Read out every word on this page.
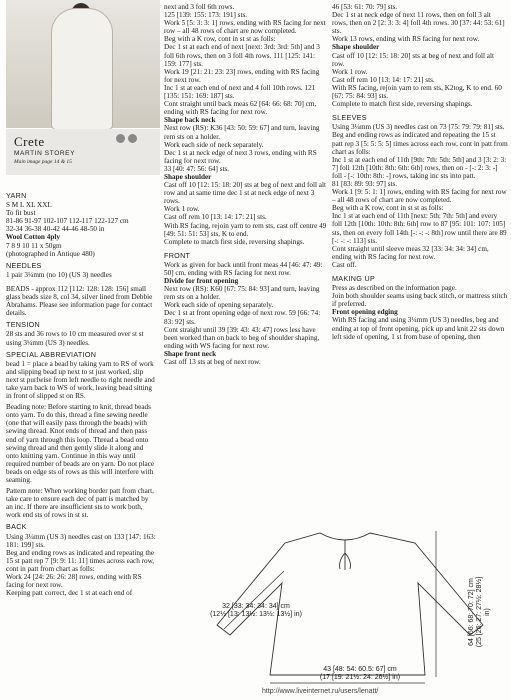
Crete
MARTIN STOREY
Main image page 14 & 15
YARN

S M L XL XXL

To fit bust

81-86 91-97 102-107 112-117 122-127 cm

32-34 36-38 40-42 44-46 48-50 in

Wool Cotton 4ply

7 8 9 10 11 x 50gm

(photographed in Antique 480)

NEEDLES

1 pair 3¼mm (no 10) (US 3) needles

BEADS - approx 112 [112: 128: 128: 156] small glass beads size 8, col 34, silver lined from Debbie Abrahams. Please see information page for contact details.

TENSION

28 sts and 36 rows to 10 cm measured over st st using 3¼mm (US 3) needles.

SPECIAL ABBREVIATION

bead 1 = place a bead by taking yarn to RS of work and slipping bead up next to st just worked, slip next st purlwise from left needle to right needle and take yarn back to WS of work, leaving bead sitting in front of slipped st on RS.

Beading note: Before starting to knit, thread beads onto yarn. To do this, thread a fine sewing needle (one that will easily pass through the beads) with sewing thread. Knot ends of thread and then pass end of yarn through this loop. Thread a bead onto sewing thread and then gently slide it along and onto knitting yarn. Continue in this way until required number of beads are on yarn. Do not place beads on edge sts of rows as this will interfere with seaming.

Pattern note: When working border patt from chart, take care to ensure each dec of patt is matched by an inc. If there are insufficient sts to work both, work end sts of rows in st st.

BACK

Using 3¼mm (US 3) needles cast on 133 [147: 163: 181: 199] sts.

Beg and ending rows as indicated and repeating the 15 st patt rep 7 [9: 9: 11: 11] times across each row, cont in patt from chart as folls:

Work 24 [24: 26: 26: 28] rows, ending with RS facing for next row.

Keeping patt correct, dec 1 st at each end of

next and 3 foll 6th rows.

125 [139: 155: 173: 191] sts.

Work 5 [5: 3: 3: 1] rows, ending with RS facing for next row – all 48 rows of chart are now completed.

Beg with a K row, cont in st st as folls:

Dec 1 st at each end of next [next: 3rd: 3rd: 5th] and 3 foll 6th rows, then on 3 foll 4th rows. 111 [125: 141: 159: 177] sts.

Work 19 [21: 21: 23: 23] rows, ending with RS facing for next row.

Inc 1 st at each end of next and 4 foll 10th rows. 121 [135: 151: 169: 187] sts.

Cont straight until back meas 62 [64: 66: 68: 70] cm, ending with RS facing for next row.

Shape back neck

Next row (RS): K36 [43: 50: 59: 67] and turn, leaving rem sts on a holder.

Work each side of neck separately.

Dec 1 st at neck edge of next 3 rows, ending with RS facing for next row.

33 [40: 47: 56: 64] sts.

Shape shoulder

Cast off 10 [12: 15: 18: 20] sts at beg of next and foll alt row and at same time dec 1 st at neck edge of next 3 rows.

Work 1 row.

Cast off rem 10 [13: 14: 17: 21] sts.

With RS facing, rejoin yarn to rem sts, cast off centre 49 [49: 51: 51: 53] sts, K to end.

Complete to match first side, reversing shapings.

FRONT

Work as given for back until front meas 44 [46: 47: 49: 50] cm, ending with RS facing for next row.

Divide for front opening

Next row (RS): K60 [67: 75: 84: 93] and turn, leaving rem sts on a holder.

Work each side of opening separately.

Dec 1 st at front opening edge of next row. 59 [66: 74: 83: 92] sts.

Cont straight until 39 [39: 43: 43: 47] rows less have been worked than on back to beg of shoulder shaping, ending with WS facing for next row.

Shape front neck

Cast off 13 sts at beg of next row.

46 [53: 61: 70: 79] sts.

Dec 1 st at neck edge of next 11 rows, then on foll 3 alt rows, then on 2 [2: 3: 3: 4] foll 4th rows. 30 [37: 44: 53: 61] sts.

Work 13 rows, ending with RS facing for next row.

Shape shoulder

Cast off 10 [12: 15: 18: 20] sts at beg of next and foll alt row.

Work 1 row.

Cast off rem 10 [13: 14: 17: 21] sts.

With RS facing, rejoin yarn to rem sts, K2tog, K to end. 60 [67: 75: 84: 93] sts.

Complete to match first side, reversing shapings.

SLEEVES

Using 3¼mm (US 3) needles cast on 73 [75: 79: 79: 81] sts.

Beg and ending rows as indicated and repeating the 15 st patt rep 3 [5: 5: 5: 5] times across each row, cont in patt from chart as folls:

Inc 1 st at each end of 11th [9th: 7th: 5th: 5th] and 3 [3: 2: 3: 7] foll 12th [10th: 8th: 6th: 6th] rows, then on - [-: 2: 3: -] foll - [-: 10th: 8th: -] rows, taking inc sts into patt.

81 [83: 89: 93: 97] sts.

Work 1 [9: 5: 1: 1] rows, ending with RS facing for next row – all 48 rows of chart are now completed.

Beg with a K row, cont in st st as folls:

Inc 1 st at each end of 11th [next: 5th: 7th: 5th] and every foll 12th [10th: 10th: 8th: 6th] row to 87 [95: 101: 107: 105] sts, then on every foll 14th [-: -: -: 8th] row until there are 89 [-: -: -: 113] sts.

Cont straight until sleeve meas 32 [33: 34: 34: 34] cm, ending with RS facing for next row.

Cast off.

MAKING UP

Press as described on the information page.

Join both shoulder seams using back stitch, or mattress stitch if preferred.

Front opening edging

With RS facing and using 3¼mm (US 3) needles, beg and ending at top of front opening, pick up and knit 22 sts down left side of opening, 1 st from base of opening, then

32 [33: 34: 34: 34] cm
(12½ [13: 13½: 13½: 13½] in)	64 [66: 68: 70: 72] cm (25 [26: 27: 27½: 28½] in)
43 [48: 54: 60.5: 67] cm
(17 [19: 21½: 24: 26½] in)
http://www.liveinternet.ru/users/lenatt/
